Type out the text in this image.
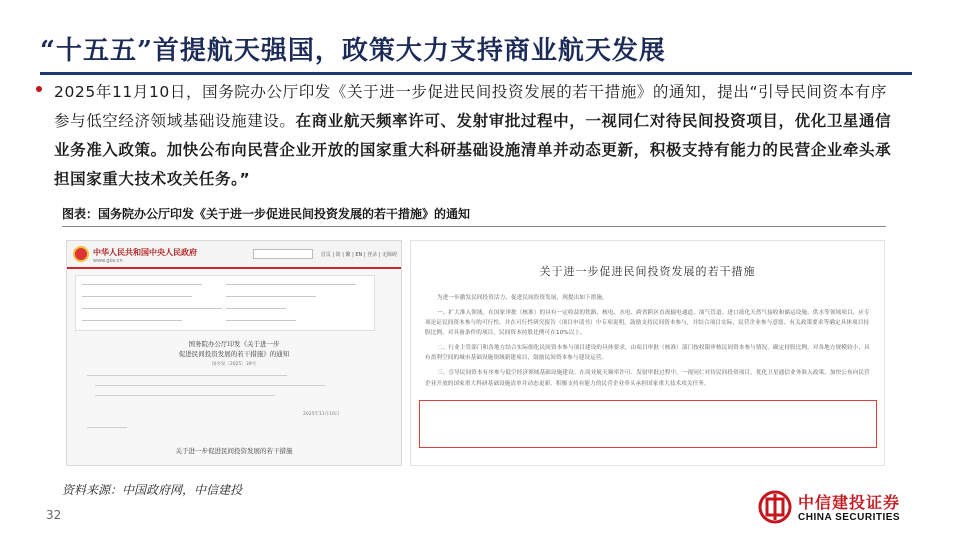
“十五五”首提航天强国，政策大力支持商业航天发展
2025年11月10日，国务院办公厅印发《关于进一步促进民间投资发展的若干措施》的通知，提出“引导民间资本有序参与低空经济领域基础设施建设。在商业航天频率许可、发射审批过程中，一视同仁对待民间投资项目，优化卫星通信业务准入政策。加快公布向民营企业开放的国家重大科研基础设施清单并动态更新，积极支持有能力的民营企业牵头承担国家重大技术攻关任务。”
图表：国务院办公厅印发《关于进一步促进民间投资发展的若干措施》的通知
中华人民共和国中央人民政府
www.gov.cn
首页 | 简 | 繁 | EN | 登录 | 无障碍
国务院办公厅印发《关于进一步
促进民间投资发展的若干措施》的通知
国办发〔2025〕39号
2025年11月10日
关于进一步促进民间投资发展的若干措施
关于进一步促进民间投资发展的若干措施

为进一步激发民间投资活力、促进民间投资发展，现提出如下措施。

一、扩大准入领域。在国家审批（核准）的具有一定收益的铁路、核电、水电、跨省跨区直流输电通道、油气管道、进口液化天然气接收和储运设施、供水等领域项目，应专项论证民间资本参与的可行性，并在可行性研究报告（项目申请书）中专项说明，鼓励支持民间资本参与，并结合项目实际，民营企业参与意愿、有关政策要求等确定具体项目持股比例，对具备条件的项目，民间资本持股比例可在10%以上。

二、行业主管部门和各地方结合实际细化民间资本参与项目建设的具体要求，由项目审批（核准）部门按权限审核民间资本参与情况、确定持股比例。对各地方规模较小、具有盈利空间的城市基础设施领域新建项目，鼓励民间资本参与建设运营。

三、引导民间资本有序参与低空经济领域基础设施建设。在商业航天频率许可、发射审批过程中，一视同仁对待民间投资项目，优化卫星通信业务准入政策。加快公布向民营企业开放的国家重大科研基础设施清单并动态更新，积极支持有能力的民营企业牵头承担国家重大技术攻关任务。

资料来源：中国政府网，中信建投
32
中信建投证券
CHINA SECURITIES
